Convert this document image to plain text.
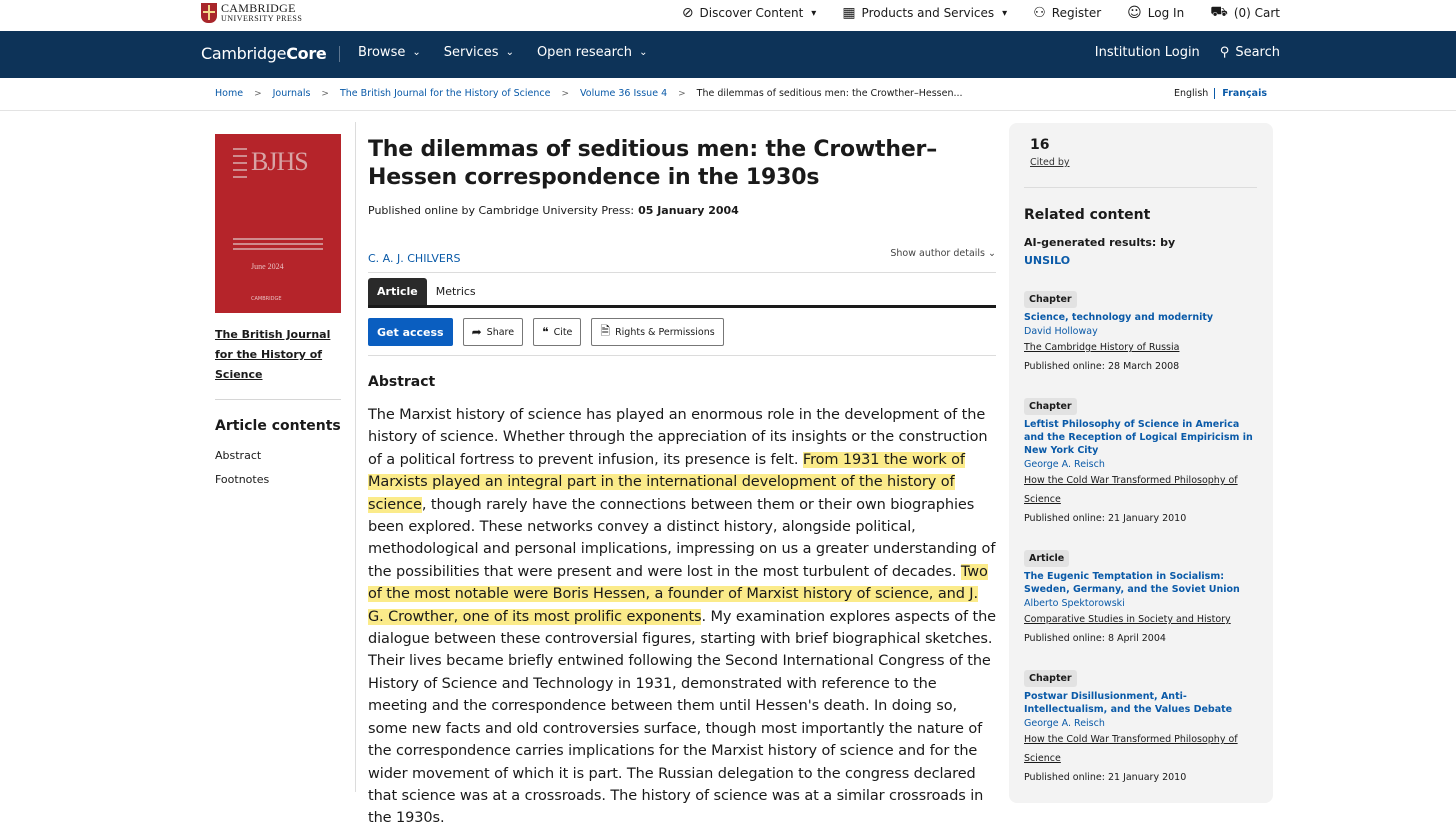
CAMBRIDGE
UNIVERSITY PRESS	⊘ Discover Content ▾ ▦ Products and Services ▾ ⚇ Register ☺ Log In ⛟ (0) Cart
CambridgeCore Browse ⌄ Services ⌄ Open research ⌄	Institution Login ⚲ Search
Home > Journals > The British Journal for the History of Science > Volume 36 Issue 4 > The dilemmas of seditious men: the Crowther–Hessen...	English	Français
BJHS
June 2024
CAMBRIDGE
The British Journal for the History of Science
Article contents
Abstract
Footnotes
The dilemmas of seditious men: the Crowther–Hessen correspondence in the 1930s
Published online by Cambridge University Press: 05 January 2004
C. A. J. CHILVERS	Show author details ⌄
Article	Metrics
Get access	➦ Share ❝ Cite 🗎 Rights & Permissions
Abstract

The Marxist history of science has played an enormous role in the development of the history of science. Whether through the appreciation of its insights or the construction of a political fortress to prevent infusion, its presence is felt. From 1931 the work of Marxists played an integral part in the international development of the history of science, though rarely have the connections between them or their own biographies been explored. These networks convey a distinct history, alongside political, methodological and personal implications, impressing on us a greater understanding of the possibilities that were present and were lost in the most turbulent of decades. Two of the most notable were Boris Hessen, a founder of Marxist history of science, and J. G. Crowther, one of its most prolific exponents. My examination explores aspects of the dialogue between these controversial figures, starting with brief biographical sketches. Their lives became briefly entwined following the Second International Congress of the History of Science and Technology in 1931, demonstrated with reference to the meeting and the correspondence between them until Hessen's death. In doing so, some new facts and old controversies surface, though most importantly the nature of the correspondence carries implications for the Marxist history of science and for the wider movement of which it is part. The Russian delegation to the congress declared that science was at a crossroads. The history of science was at a similar crossroads in the 1930s.

16
Cited by
Related content
AI-generated results: by
UNSILO
Chapter
Science, technology and modernity
David Holloway
The Cambridge History of Russia
Published online: 28 March 2008
Chapter
Leftist Philosophy of Science in America and the Reception of Logical Empiricism in New York City
George A. Reisch
How the Cold War Transformed Philosophy of Science
Published online: 21 January 2010
Article
The Eugenic Temptation in Socialism: Sweden, Germany, and the Soviet Union
Alberto Spektorowski
Comparative Studies in Society and History
Published online: 8 April 2004
Chapter
Postwar Disillusionment, Anti-Intellectualism, and the Values Debate
George A. Reisch
How the Cold War Transformed Philosophy of Science
Published online: 21 January 2010
